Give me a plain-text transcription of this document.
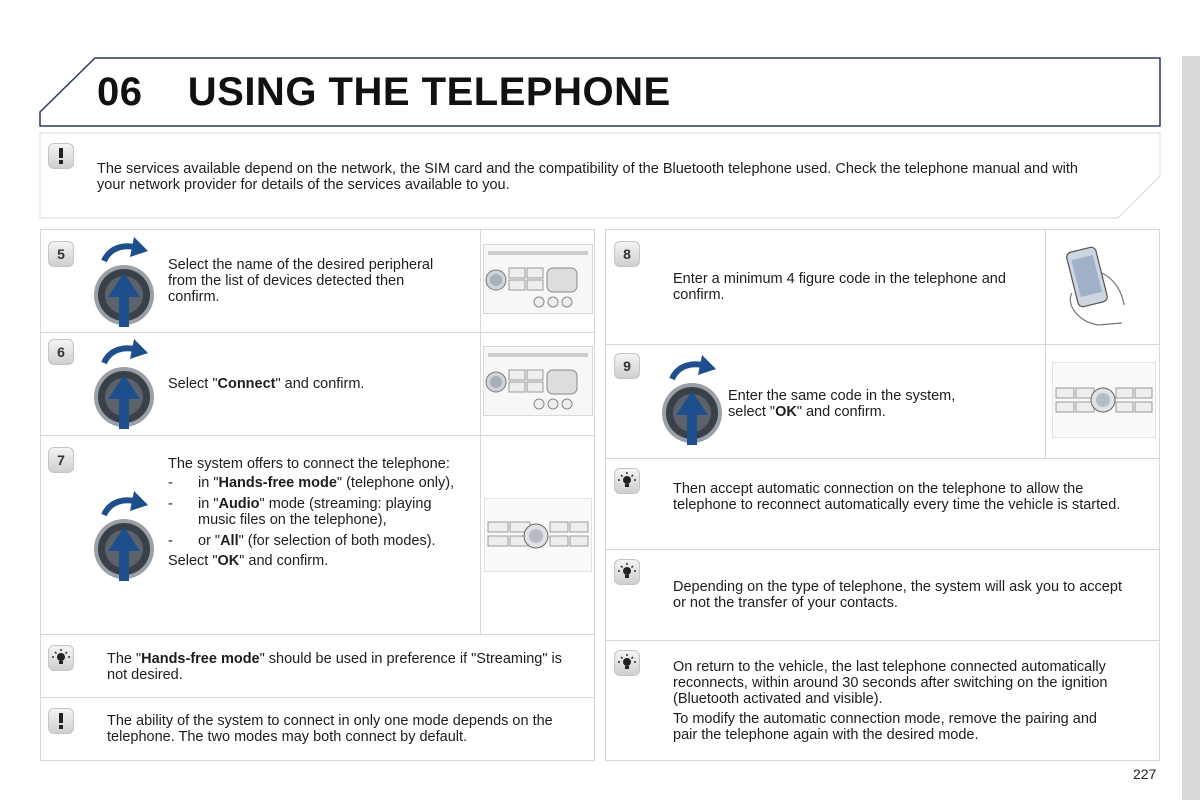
06 USING THE TELEPHONE
The services available depend on the network, the SIM card and the compatibility of the Bluetooth telephone used. Check the telephone manual and with your network provider for details of the services available to you.
5
Select the name of the desired peripheral from the list of devices detected then confirm.
6
Select "Connect" and confirm.
7	The system offers to connect the telephone:

-	in "Hands-free mode" (telephone only),
-	in "Audio" mode (streaming: playing music files on the telephone),
-	or "All" (for selection of both modes).

Select "OK" and confirm.

The "Hands-free mode" should be used in preference if "Streaming" is not desired.
The ability of the system to connect in only one mode depends on the telephone. The two modes may both connect by default.
8
Enter a minimum 4 figure code in the telephone and confirm.
9

Enter the same code in the system,

select "OK" and confirm.

Then accept automatic connection on the telephone to allow the telephone to reconnect automatically every time the vehicle is started.
Depending on the type of telephone, the system will ask you to accept or not the transfer of your contacts.

On return to the vehicle, the last telephone connected automatically reconnects, within around 30 seconds after switching on the ignition (Bluetooth activated and visible).

To modify the automatic connection mode, remove the pairing and pair the telephone again with the desired mode.

227
